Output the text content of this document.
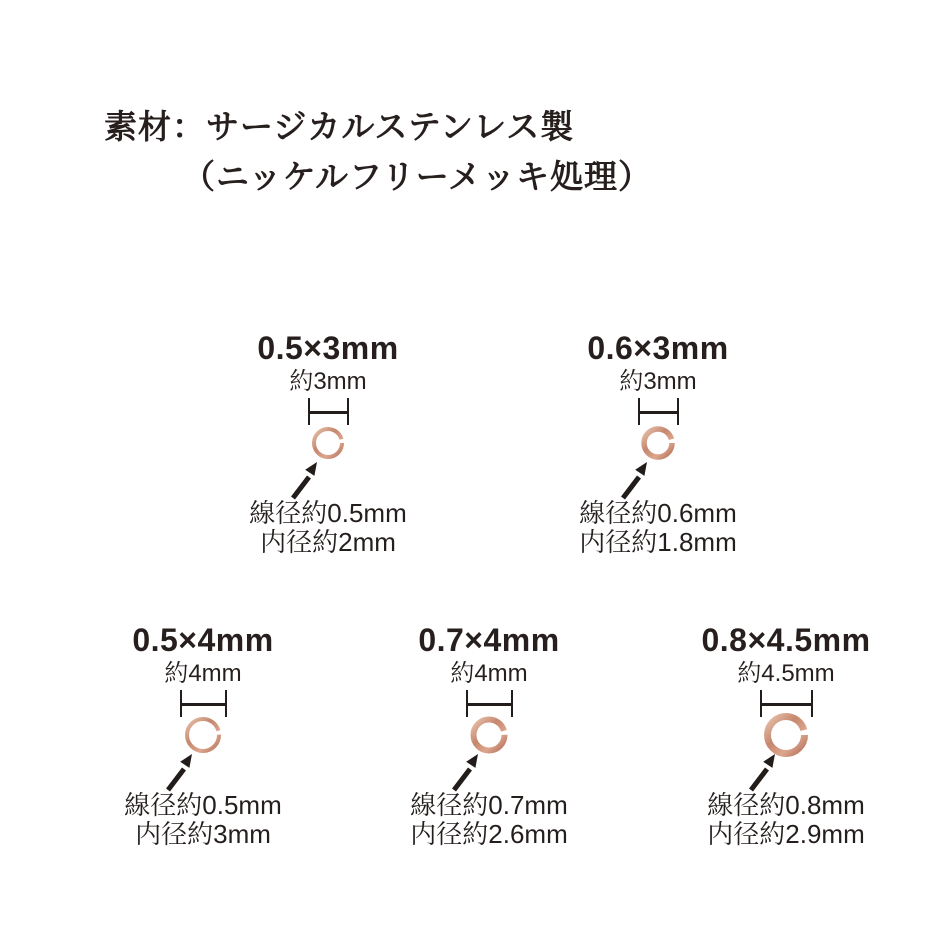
素材：サージカルステンレス製
（ニッケルフリーメッキ処理）
0.5×3mm
約3mm
線径約0.5mm
内径約2mm
0.6×3mm
約3mm
線径約0.6mm
内径約1.8mm
0.5×4mm
約4mm
線径約0.5mm
内径約3mm
0.7×4mm
約4mm
線径約0.7mm
内径約2.6mm
0.8×4.5mm
約4.5mm
線径約0.8mm
内径約2.9mm
